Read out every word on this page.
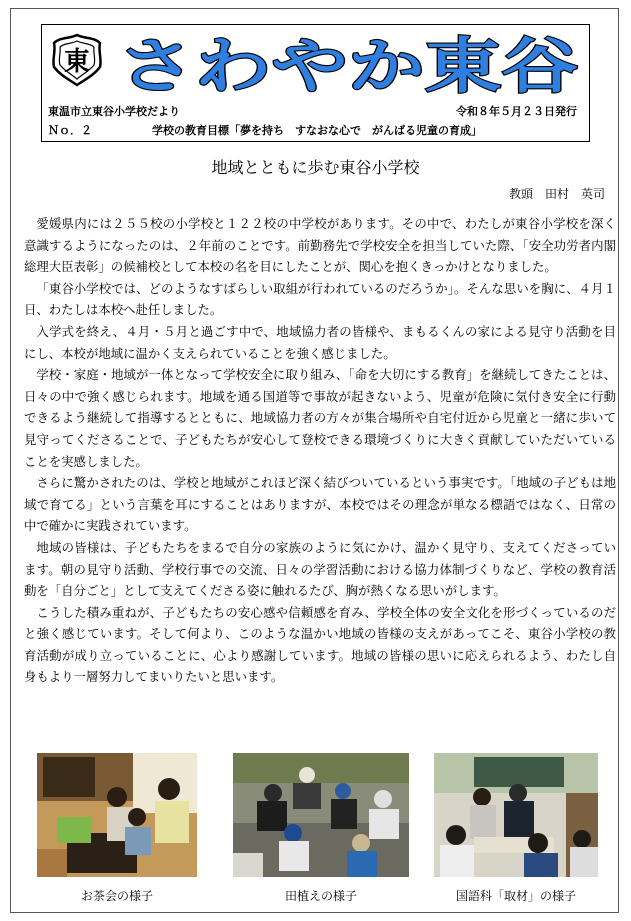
東 さわやか東谷
東温市立東谷小学校だより	令和８年５月２３日発行
Ｎｏ．２	学校の教育目標「夢を持ち　すなおな心で　がんばる児童の育成」
地域とともに歩む東谷小学校
教頭　田村　英司

愛媛県内には２５５校の小学校と１２２校の中学校があります。その中で、わたしが東谷小学校を深く意識するようになったのは、２年前のことです。前勤務先で学校安全を担当していた際、「安全功労者内閣総理大臣表彰」の候補校として本校の名を目にしたことが、関心を抱くきっかけとなりました。

「東谷小学校では、どのようなすばらしい取組が行われているのだろうか」。そんな思いを胸に、４月１日、わたしは本校へ赴任しました。

入学式を終え、４月・５月と過ごす中で、地域協力者の皆様や、まもるくんの家による見守り活動を目にし、本校が地域に温かく支えられていることを強く感じました。

学校・家庭・地域が一体となって学校安全に取り組み、「命を大切にする教育」を継続してきたことは、日々の中で強く感じられます。地域を通る国道等で事故が起きないよう、児童が危険に気付き安全に行動できるよう継続して指導するとともに、地域協力者の方々が集合場所や自宅付近から児童と一緒に歩いて見守ってくださることで、子どもたちが安心して登校できる環境づくりに大きく貢献していただいていることを実感しました。

さらに驚かされたのは、学校と地域がこれほど深く結びついているという事実です。「地域の子どもは地域で育てる」という言葉を耳にすることはありますが、本校ではその理念が単なる標語ではなく、日常の中で確かに実践されています。

地域の皆様は、子どもたちをまるで自分の家族のように気にかけ、温かく見守り、支えてくださっています。朝の見守り活動、学校行事での交流、日々の学習活動における協力体制づくりなど、学校の教育活動を「自分ごと」として支えてくださる姿に触れるたび、胸が熱くなる思いがします。

こうした積み重ねが、子どもたちの安心感や信頼感を育み、学校全体の安全文化を形づくっているのだと強く感じています。そして何より、このような温かい地域の皆様の支えがあってこそ、東谷小学校の教育活動が成り立っていることに、心より感謝しています。地域の皆様の思いに応えられるよう、わたし自身もより一層努力してまいりたいと思います。

お茶会の様子	田植えの様子	国語科「取材」の様子
